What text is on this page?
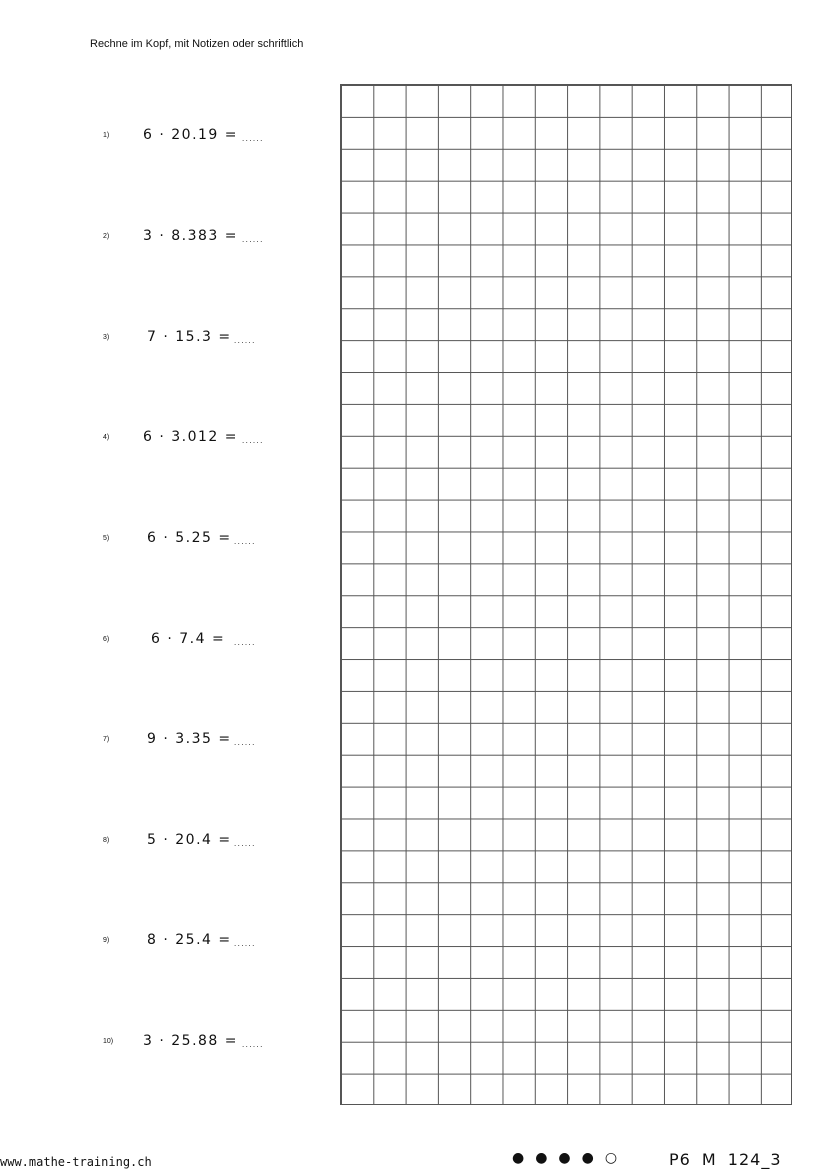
Rechne im Kopf, mit Notizen oder schriftlich
1) 6 · 20.19 = ......
2) 3 · 8.383 = ......
3)	7 · 15.3 = ......
4) 6 · 3.012 = ......
5)	6 · 5.25 = ......
6)	6 · 7.4 = ......
7)	9 · 3.35 = ......
8)	5 · 20.4 = ......
9)	8 · 25.4 = ......
10) 3 · 25.88 = ......
www.mathe-training.ch	●●●●○	P6 M 124_3
